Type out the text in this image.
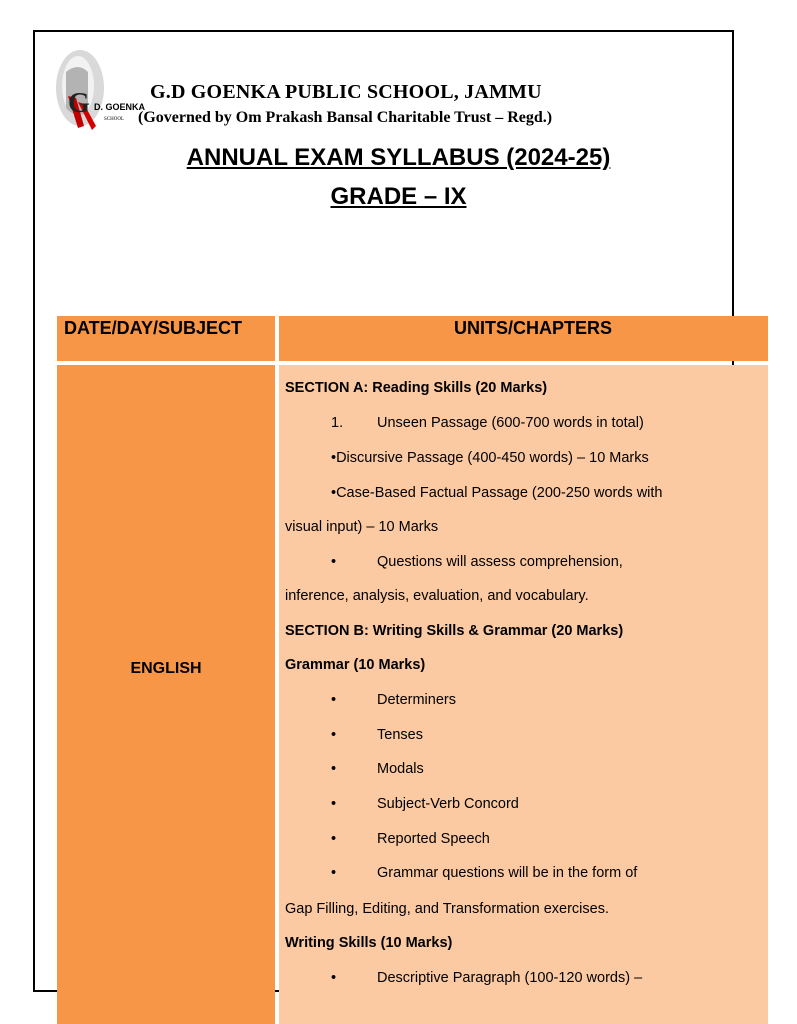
G D. GOENKA
SCHOOL
G.D GOENKA PUBLIC SCHOOL, JAMMU
(Governed by Om Prakash Bansal Charitable Trust – Regd.)
ANNUAL EXAM SYLLABUS (2024-25)
GRADE – IX
DATE/DAY/SUBJECT	UNITS/CHAPTERS
ENGLISH
SECTION A: Reading Skills (20 Marks)
1. Unseen Passage (600-700 words in total)
•Discursive Passage (400-450 words) – 10 Marks
•Case-Based Factual Passage (200-250 words with
visual input) – 10 Marks
•	Questions will assess comprehension,
inference, analysis, evaluation, and vocabulary.
SECTION B: Writing Skills & Grammar (20 Marks)
Grammar (10 Marks)
•	Determiners
•	Tenses
•	Modals
•	Subject-Verb Concord
•	Reported Speech
•	Grammar questions will be in the form of
Gap Filling, Editing, and Transformation exercises.
Writing Skills (10 Marks)
•	Descriptive Paragraph (100-120 words) –
